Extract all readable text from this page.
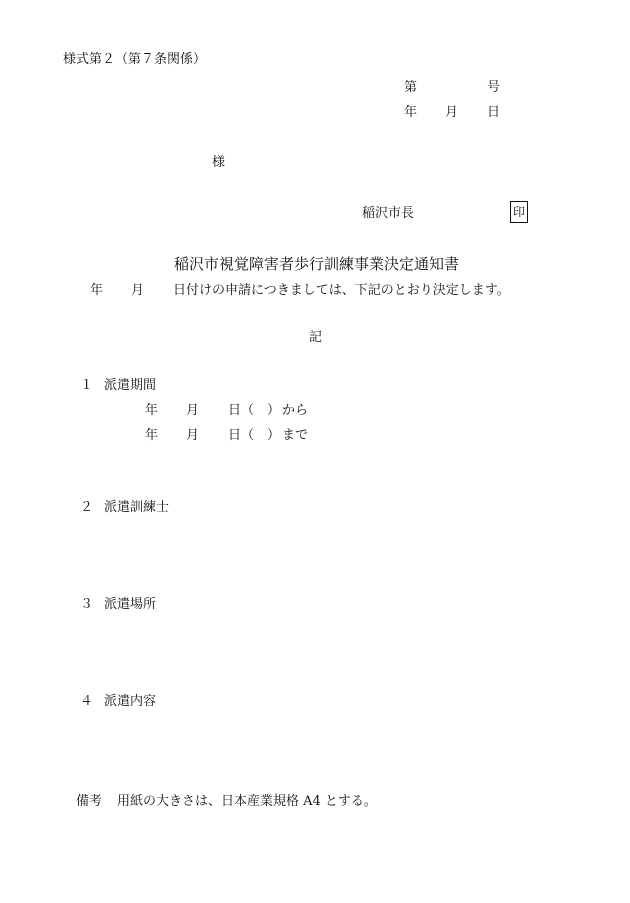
様式第２（第７条関係）
第	号
年 月 日
様
稲沢市長	印
稲沢市視覚障害者歩行訓練事業決定通知書
年 月 日付けの申請につきましては、下記のとおり決定します。
記
１ 派遣期間
年 月 日 （　） から
年 月 日 （　） まで
２ 派遣訓練士
３ 派遣場所
４ 派遣内容
備考 用紙の大きさは、日本産業規格 A4 とする。
